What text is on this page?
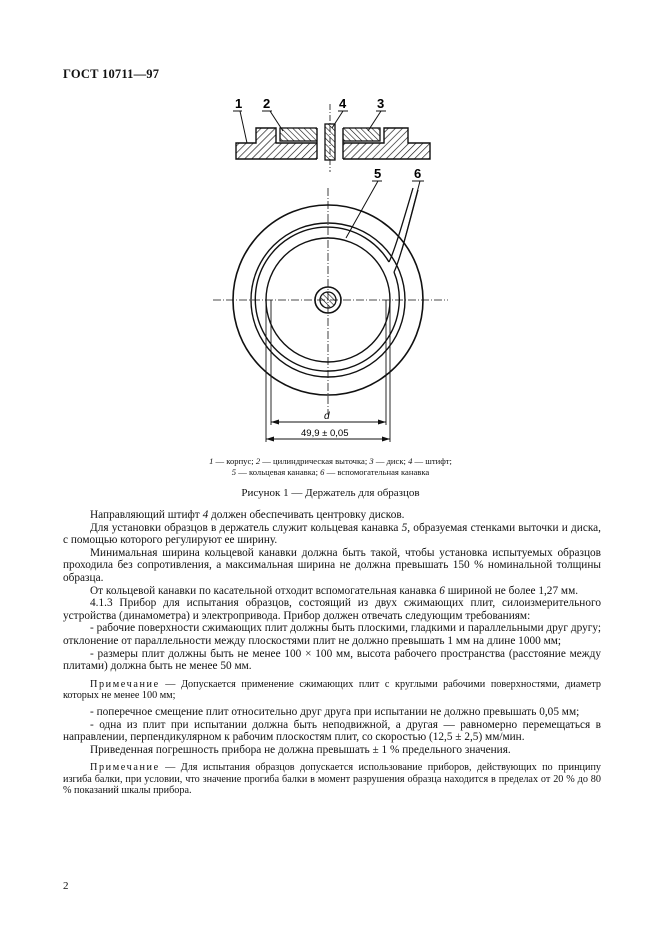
ГОСТ 10711—97
1 2	4 3
5	6
d
49,9 ± 0,05
1 — корпус; 2 — цилиндрическая выточка; 3 — диск; 4 — штифт;
5 — кольцевая канавка; 6 — вспомогательная канавка
Рисунок 1 — Держатель для образцов

Направляющий штифт 4 должен обеспечивать центровку дисков.

Для установки образцов в держатель служит кольцевая канавка 5, образуемая стенками выточки и диска, с помощью которого регулируют ее ширину.

Минимальная ширина кольцевой канавки должна быть такой, чтобы установка испытуемых образцов проходила без сопротивления, а максимальная ширина не должна превышать 150 % номинальной толщины образца.

От кольцевой канавки по касательной отходит вспомогательная канавка 6 шириной не более 1,27 мм.

4.1.3 Прибор для испытания образцов, состоящий из двух сжимающих плит, силоизмерительного устройства (динамометра) и электропривода. Прибор должен отвечать следующим требованиям:

- рабочие поверхности сжимающих плит должны быть плоскими, гладкими и параллельными друг другу; отклонение от параллельности между плоскостями плит не должно превышать 1 мм на длине 1000 мм;

- размеры плит должны быть не менее 100 × 100 мм, высота рабочего пространства (расстояние между плитами) должна быть не менее 50 мм.

Примечание — Допускается применение сжимающих плит с круглыми рабочими поверхностями, диаметр которых не менее 100 мм;

- поперечное смещение плит относительно друг друга при испытании не должно превышать 0,05 мм;

- одна из плит при испытании должна быть неподвижной, а другая — равномерно перемещаться в направлении, перпендикулярном к рабочим плоскостям плит, со скоростью (12,5 ± 2,5) мм/мин.

Приведенная погрешность прибора не должна превышать ± 1 % предельного значения.

Примечание — Для испытания образцов допускается использование приборов, действующих по принципу изгиба балки, при условии, что значение прогиба балки в момент разрушения образца находится в пределах от 20 % до 80 % показаний шкалы прибора.

2
